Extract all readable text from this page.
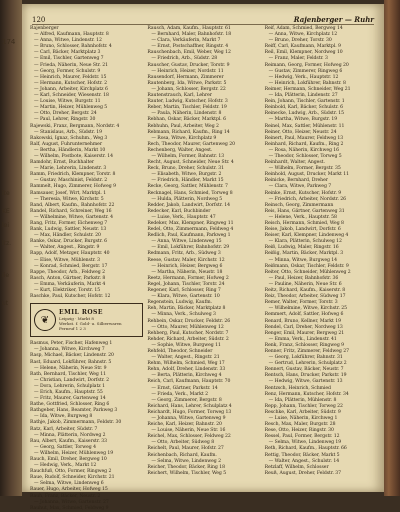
174
ite
KE
lei
ltz.
ile
ut
120	Rajenberger — Ruhr
Rajenberger
— Alfred, Kaufmann, Hauptstr. 8
— Anna, Witwe, Lindenstr. 12
— Bruno, Schlosser, Bahnhofstr. 4
— Carl, Bäcker, Marktplatz 3
— Emil, Tischler, Gartenweg 7
— Frieda, Näherin, Neue Str. 21
— Georg, Former, Schulstr. 9
— Heinrich, Maurer, Feldstr. 15
— Hermann, Kutscher, Hofstr. 2
— Johann, Arbeiter, Kirchplatz 6
— Karl, Schneider, Wiesenstr. 18
— Louise, Witwe, Burgstr. 11
— Martin, Heizer, Mühlenweg 5
— Otto, Dreher, Bergstr. 24
— Paul, Lehrer, Ringstr. 30
Rajewski, Franz, Bergmann, Nordstr. 4
— Stanislaus, Arb., Südstr. 19
Rakowski, Ignaz, Schuhm., Weg 3
Ralf, August, Fuhrunternehmer
— Bertha, Händlerin, Markt 10
— Wilhelm, Postbote, Kaiserstr. 14
Ramdohr, Ernst, Buchhalter
— Marie, Lehrerin, Lindenstr. 3
Ramm, Friedrich, Klempner, Torstr. 8
— Gustav, Maschinist, Feldstr. 2
Rammelt, Hugo, Zimmerer, Hofweg 9
Ramsauer, Josef, Wirt, Marktpl. 1
— Theresia, Witwe, Kirchstr. 5
Rand, Albert, Kaufm., Bahnhofstr. 22
Randel, Richard, Schreiner, Weg 16
— Wilhelmine, Witwe, Gartenstr. 4
Rang, Fritz, Former, Eichenweg 7
Rank, Ludwig, Sattler, Neustr. 13
— Max, Händler, Schulstr. 20
Ranke, Oskar, Drucker, Burgstr. 6
— Walter, Angest., Ringstr. 9
Rapp, Adolf, Metzger, Hauptstr. 40
— Elise, Witwe, Mühlenstr. 3
— Konrad, Schmied, Bergstr. 17
Rappe, Theodor, Arb., Feldweg 2
Rasch, Anton, Gärtner, Parkstr. 8
— Emma, Verkäuferin, Markt 4
— Kurt, Elektriker, Torstr. 15
Raschke, Paul, Kutscher, Hofstr. 12
❦
EMIL ROSE
Leipzig · Markt 8
Werkst. f. Gold- u. Silberwaren
Fernruf 1 2 3
Rasmus, Peter, Fischer, Hafenweg 1
— Johanna, Witwe, Kirchweg 7
Rasp, Michael, Bäcker, Lindenstr. 20
Rast, Eduard, Lokführer, Bahnstr. 5
— Helene, Näherin, Neue Str. 9
Rath, Bernhard, Tischler, Weg 11
— Christian, Landwirt, Dorfstr. 2
— Dora, Lehrerin, Schulplatz 1
— Erich, Kaufm., Hauptstr. 55
— Fritz, Maurer, Gartenweg 14
Rathe, Gottfried, Schlosser, Ring 6
Rathgeber, Hans, Beamter, Parkweg 3
— Ida, Witwe, Burgweg 8
Rathje, Jakob, Zimmermann, Feldstr. 30
Ratz, Karl, Arbeiter, Südstr. 7
— Minna, Plätterin, Nordweg 2
Rau, Albert, Kaufm., Kaiserstr. 33
— Georg, Sattler, Torweg 4
— Wilhelm, Heizer, Mühlenweg 19
Rauch, Emil, Dreher, Bergweg 10
— Hedwig, Verk., Markt 12
Rauchfuß, Otto, Former, Ringweg 2
Raue, Rudolf, Schneider, Kirchstr. 21
— Selma, Witwe, Lindenweg 6
Rauer, Hugo, Arbeiter, Hofweg 15
Rauh, Franz, Bäcker, Neustr. 2
— Johanna, Witwe, Gartenstr. 27
Rauhut, Max, Schmied, Feldweg 9
Rausch, Adam, Kaufm., Hauptstr. 61
— Bernhard, Maler, Bahnhofstr. 18
— Clara, Verkäuferin, Markt 7
— Ernst, Postschaffner, Ringstr. 4
Rauschenbach, Emil, Weber, Weg 12
— Friedrich, Arb., Südstr. 28
Rauscher, Gustav, Drucker, Torstr. 9
— Heinrich, Heizer, Nordstr. 11
Rausendorf, Hermann, Zimmerer
Rautenberg, Ida, Witwe, Parkstr. 5
— Johann, Schlosser, Bergstr. 22
Rautenstrauch, Karl, Lehrer
Rauter, Ludwig, Kutscher, Hofstr. 3
Reber, Martin, Tischler, Feldstr. 19
— Paula, Näherin, Lindenstr. 8
Rebhan, Oskar, Bäcker, Marktpl. 6
Rebhuhn, Paul, Arbeiter, Weg 2
Rebmann, Richard, Kaufm., Ring 14
— Rosa, Witwe, Kirchplatz 9
Rech, Theodor, Maurer, Gartenweg 20
Rechenberg, Walter, Angest.
— Wilhelm, Former, Bahnstr. 13
Recht, August, Schneider, Neue Str. 4
Reck, Bruno, Dreher, Schulstr. 31
— Elisabeth, Witwe, Burgstr. 2
— Friedrich, Händler, Markt 15
Recke, Georg, Sattler, Mühlenstr. 7
Recknagel, Hans, Schmied, Torweg 8
— Hulda, Plätterin, Nordweg 5
Redder, Jakob, Landwirt, Dorfstr. 14
Redecker, Karl, Buchbinder
— Luise, Verk., Hauptstr. 47
Redeker, Max, Klempner, Ringweg 11
Redel, Otto, Zimmermann, Feldweg 4
Redlich, Paul, Kaufmann, Parkweg 1
— Anna, Witwe, Lindenweg 15
— Emil, Lokführer, Bahnhofstr. 29
Redmann, Fritz, Arb., Südweg 3
Reese, Gustav, Maler, Kirchstr. 12
— Heinrich, Heizer, Bergweg 6
— Martha, Näherin, Neustr. 18
Reetz, Hermann, Former, Hofweg 2
Regel, Johann, Tischler, Torstr. 24
Regener, Karl, Schlosser, Ring 7
— Klara, Witwe, Gartenstr. 10
Regenstein, Ludwig, Kaufm.
Reh, Martin, Bäcker, Marktplatz 8
— Minna, Verk., Schulweg 3
Rehbein, Oskar, Drucker, Feldstr. 26
— Otto, Maurer, Mühlenweg 12
Rehberg, Paul, Kutscher, Nordstr. 7
Rehder, Richard, Arbeiter, Südstr. 2
— Sophie, Witwe, Burgweg 11
Rehfeld, Theodor, Schneider
— Walter, Angest., Ringstr. 21
Rehm, Wilhelm, Schmied, Weg 17
Rehn, Adolf, Dreher, Lindenstr. 33
— Berta, Plätterin, Kirchweg 4
Reich, Carl, Kaufmann, Hauptstr. 70
— Ernst, Gärtner, Parkstr. 14
— Frieda, Verk., Markt 2
— Georg, Zimmerer, Bergstr. 8
Reichard, Hans, Lehrer, Schulplatz 4
Reichardt, Hugo, Former, Torweg 13
— Johanna, Witwe, Gartenweg 9
Reiche, Karl, Heizer, Bahnstr. 20
— Louise, Näherin, Neue Str. 16
Reichel, Max, Schlosser, Feldweg 22
— Otto, Arbeiter, Südweg 8
Reichelt, Paul, Maurer, Hofstr. 27
Reichenbach, Richard, Kaufm.
— Selma, Witwe, Lindenweg 2
Reicher, Theodor, Bäcker, Ring 18
Reichert, Wilhelm, Tischler, Weg 5
Reif, Adam, Schmied, Bergweg 14
— Anna, Witwe, Kirchplatz 12
— Bruno, Dreher, Torstr. 30
Reiff, Carl, Kaufmann, Marktpl. 9
Reil, Emil, Klempner, Nordweg 10
— Franz, Maler, Feldstr. 3
Reimann, Georg, Former, Hofweg 20
— Gustav, Zimmerer, Ringweg 6
— Hedwig, Verk., Hauptstr. 12
— Heinrich, Lokführer, Bahnstr. 8
Reimer, Hermann, Schneider, Weg 21
— Ida, Plätterin, Lindenstr. 27
Rein, Johann, Tischler, Gartenstr. 1
Reinbold, Karl, Bäcker, Schulstr. 6
Reinecke, Ludwig, Arb., Südstr. 15
— Martha, Witwe, Burgstr. 19
Reinel, Max, Sattler, Mühlenstr. 11
Reiner, Otto, Heizer, Neustr. 24
Reinert, Paul, Maurer, Feldweg 13
Reinhard, Richard, Kaufm., Ring 2
— Rosa, Näherin, Kirchweg 16
— Theodor, Schlosser, Torweg 5
Reinhardt, Walter, Angest.
— Wilhelm, Former, Bergstr. 35
Reinhold, August, Drucker, Markt 11
Reinicke, Bernhard, Dreher
— Clara, Witwe, Parkweg 7
Reinke, Ernst, Kutscher, Hofstr. 9
— Friedrich, Arbeiter, Nordstr. 26
Reinsch, Georg, Zimmermann
Reis, Hans, Gärtner, Gartenweg 31
— Helene, Verk., Hauptstr. 58
Reisch, Hermann, Schmied, Weg 8
Reise, Jakob, Landwirt, Dorfstr. 6
Reiser, Karl, Klempner, Lindenweg 4
— Klara, Plätterin, Schulweg 12
Reiß, Ludwig, Maler, Ringstr. 16
Reißig, Martin, Bäcker, Marktpl. 3
— Minna, Witwe, Burgweg 14
Reißmann, Oskar, Tischler, Feldstr. 9
Reiter, Otto, Schneider, Mühlenweg 2
— Paul, Heizer, Bahnhofstr. 36
— Pauline, Näherin, Neue Str. 6
Reitz, Richard, Kaufm., Kaiserstr. 8
Reiz, Theodor, Arbeiter, Südweg 17
Remer, Walter, Former, Torstr. 3
— Wilhelmine, Witwe, Kirchstr. 25
Remmert, Adolf, Sattler, Hofweg 6
Renard, Bruno, Kellner, Markt 19
Rendel, Carl, Dreher, Nordweg 13
Renger, Emil, Maurer, Bergweg 21
— Emma, Verk., Lindenstr. 41
Renk, Franz, Schlosser, Ringweg 9
Renner, Fritz, Zimmerer, Feldweg 27
— Georg, Lokführer, Bahnstr. 31
— Gertrud, Lehrerin, Schulplatz 2
Rennert, Gustav, Bäcker, Neustr. 7
Rentsch, Hans, Drucker, Parkstr. 19
— Hedwig, Witwe, Gartenstr. 13
Rentzsch, Heinrich, Schmied
Renz, Hermann, Kutscher, Hofstr. 34
— Ida, Plätterin, Mühlenstr. 8
Repp, Johann, Tischler, Torweg 22
Reschke, Karl, Arbeiter, Südstr. 9
— Luise, Näherin, Kirchweg 1
Resch, Max, Maler, Burgstr. 28
Rese, Otto, Heizer, Ringstr. 30
Ressel, Paul, Former, Bergstr. 12
— Selma, Witwe, Lindenweg 19
Reth, Richard, Kaufm., Hauptstr. 66
Rettig, Theodor, Bäcker, Markt 5
— Walter, Angest., Schulstr. 14
Retzlaff, Wilhelm, Schlosser
Reuß, August, Dreher, Feldstr. 37
